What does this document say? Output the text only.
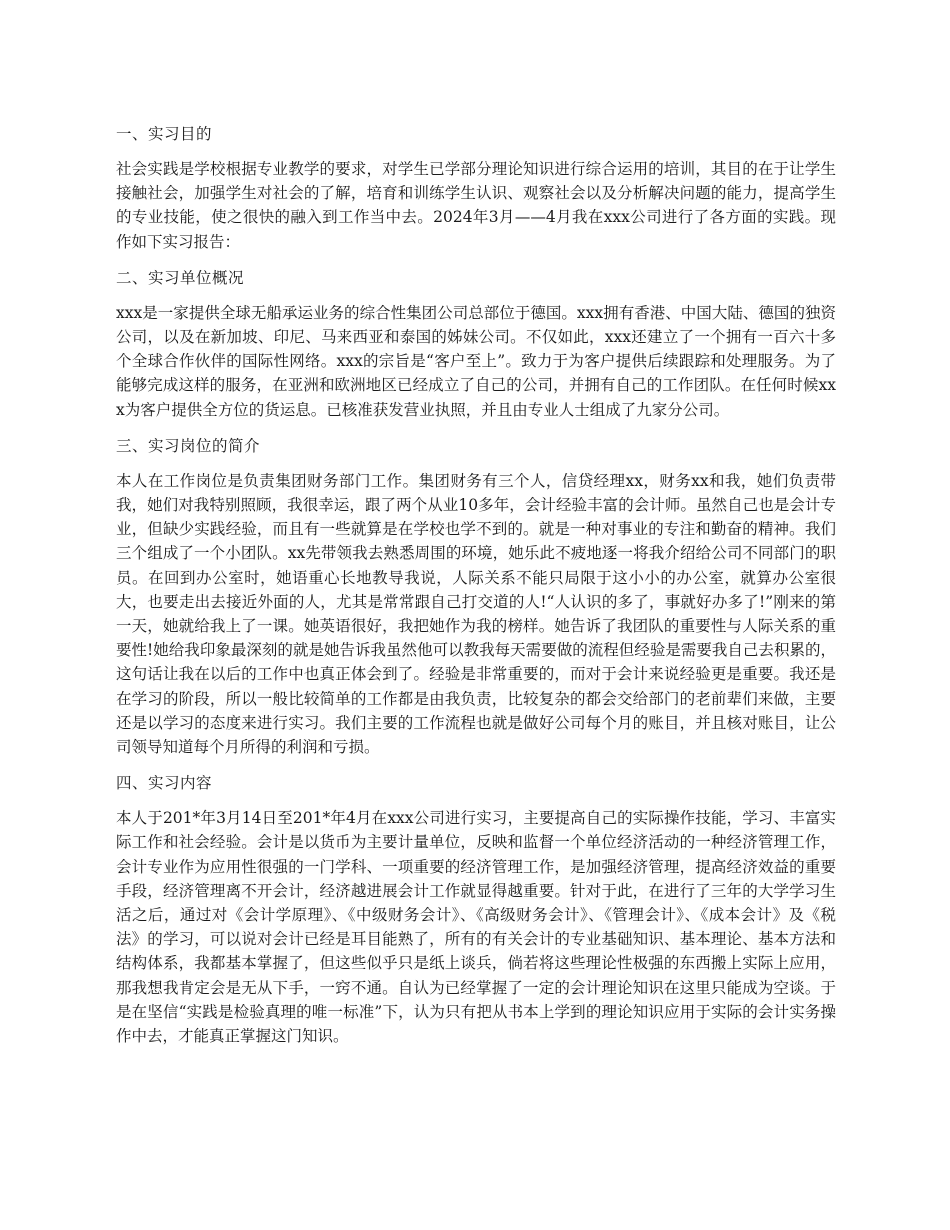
一、实习目的
社会实践是学校根据专业教学的要求，对学生已学部分理论知识进行综合运用的培训，其目的在于让学生接触社会，加强学生对社会的了解，培育和训练学生认识、观察社会以及分析解决问题的能力，提高学生的专业技能，使之很快的融入到工作当中去。2024年3月——4月我在xxx公司进行了各方面的实践。现作如下实习报告：
二、实习单位概况
xxx是一家提供全球无船承运业务的综合性集团公司总部位于德国。xxx拥有香港、中国大陆、德国的独资公司，以及在新加坡、印尼、马来西亚和泰国的姊妹公司。不仅如此，xxx还建立了一个拥有一百六十多个全球合作伙伴的国际性网络。xxx的宗旨是“客户至上”。致力于为客户提供后续跟踪和处理服务。为了能够完成这样的服务，在亚洲和欧洲地区已经成立了自己的公司，并拥有自己的工作团队。在任何时候xxx为客户提供全方位的货运息。已核准获发营业执照，并且由专业人士组成了九家分公司。
三、实习岗位的简介
本人在工作岗位是负责集团财务部门工作。集团财务有三个人，信贷经理xx，财务xx和我，她们负责带我，她们对我特别照顾，我很幸运，跟了两个从业10多年，会计经验丰富的会计师。虽然自己也是会计专业，但缺少实践经验，而且有一些就算是在学校也学不到的。就是一种对事业的专注和勤奋的精神。我们三个组成了一个小团队。xx先带领我去熟悉周围的环境，她乐此不疲地逐一将我介绍给公司不同部门的职员。在回到办公室时，她语重心长地教导我说，人际关系不能只局限于这小小的办公室，就算办公室很大，也要走出去接近外面的人，尤其是常常跟自己打交道的人!“人认识的多了，事就好办多了!”刚来的第一天，她就给我上了一课。她英语很好，我把她作为我的榜样。她告诉了我团队的重要性与人际关系的重要性!她给我印象最深刻的就是她告诉我虽然他可以教我每天需要做的流程但经验是需要我自己去积累的，这句话让我在以后的工作中也真正体会到了。经验是非常重要的，而对于会计来说经验更是重要。我还是在学习的阶段，所以一般比较简单的工作都是由我负责，比较复杂的都会交给部门的老前辈们来做，主要还是以学习的态度来进行实习。我们主要的工作流程也就是做好公司每个月的账目，并且核对账目，让公司领导知道每个月所得的利润和亏损。
四、实习内容
本人于201*年3月14日至201*年4月在xxx公司进行实习，主要提高自己的实际操作技能，学习、丰富实际工作和社会经验。会计是以货币为主要计量单位，反映和监督一个单位经济活动的一种经济管理工作，会计专业作为应用性很强的一门学科、一项重要的经济管理工作，是加强经济管理，提高经济效益的重要手段，经济管理离不开会计，经济越进展会计工作就显得越重要。针对于此，在进行了三年的大学学习生活之后，通过对《会计学原理》、《中级财务会计》、《高级财务会计》、《管理会计》、《成本会计》及《税法》的学习，可以说对会计已经是耳目能熟了，所有的有关会计的专业基础知识、基本理论、基本方法和结构体系，我都基本掌握了，但这些似乎只是纸上谈兵，倘若将这些理论性极强的东西搬上实际上应用，那我想我肯定会是无从下手，一窍不通。自认为已经掌握了一定的会计理论知识在这里只能成为空谈。于是在坚信“实践是检验真理的唯一标准”下，认为只有把从书本上学到的理论知识应用于实际的会计实务操作中去，才能真正掌握这门知识。
